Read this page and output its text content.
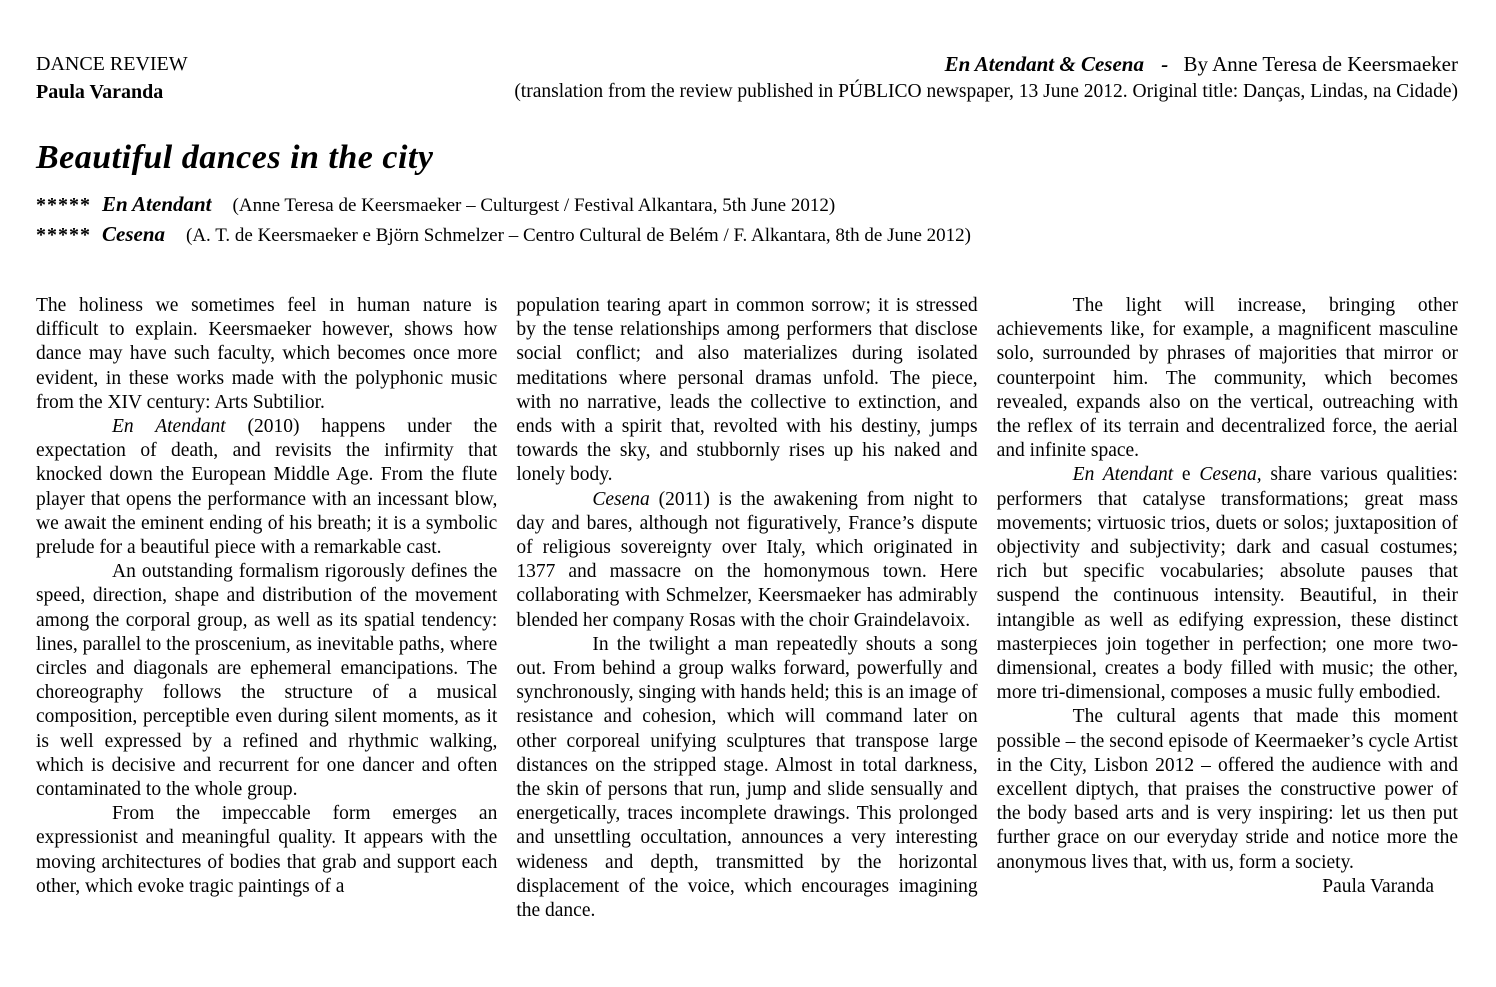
DANCE REVIEW
Paula Varanda
En Atendant & Cesena - By Anne Teresa de Keersmaeker
(translation from the review published in PÚBLICO newspaper, 13 June 2012. Original title: Danças, Lindas, na Cidade)
Beautiful dances in the city
***** En Atendant (Anne Teresa de Keersmaeker – Culturgest / Festival Alkantara, 5th June 2012)
***** Cesena (A. T. de Keersmaeker e Björn Schmelzer – Centro Cultural de Belém / F. Alkantara, 8th de June 2012)

The holiness we sometimes feel in human nature is difficult to explain. Keersmaeker however, shows how dance may have such faculty, which becomes once more evident, in these works made with the polyphonic music from the XIV century: Arts Subtilior.

En Atendant (2010) happens under the expectation of death, and revisits the infirmity that knocked down the European Middle Age. From the flute player that opens the performance with an incessant blow, we await the eminent ending of his breath; it is a symbolic prelude for a beautiful piece with a remarkable cast.

An outstanding formalism rigorously defines the speed, direction, shape and distribution of the movement among the corporal group, as well as its spatial tendency: lines, parallel to the proscenium, as inevitable paths, where circles and diagonals are ephemeral emancipations. The choreography follows the structure of a musical composition, perceptible even during silent moments, as it is well expressed by a refined and rhythmic walking, which is decisive and recurrent for one dancer and often contaminated to the whole group.

From the impeccable form emerges an expressionist and meaningful quality. It appears with the moving architectures of bodies that grab and support each other, which evoke tragic paintings of a

population tearing apart in common sorrow; it is stressed by the tense relationships among performers that disclose social conflict; and also materializes during isolated meditations where personal dramas unfold. The piece, with no narrative, leads the collective to extinction, and ends with a spirit that, revolted with his destiny, jumps towards the sky, and stubbornly rises up his naked and lonely body.

Cesena (2011) is the awakening from night to day and bares, although not figuratively, France’s dispute of religious sovereignty over Italy, which originated in 1377 and massacre on the homonymous town. Here collaborating with Schmelzer, Keersmaeker has admirably blended her company Rosas with the choir Graindelavoix.

In the twilight a man repeatedly shouts a song out. From behind a group walks forward, powerfully and synchronously, singing with hands held; this is an image of resistance and cohesion, which will command later on other corporeal unifying sculptures that transpose large distances on the stripped stage. Almost in total darkness, the skin of persons that run, jump and slide sensually and energetically, traces incomplete drawings. This prolonged and unsettling occultation, announces a very interesting wideness and depth, transmitted by the horizontal displacement of the voice, which encourages imagining the dance.

The light will increase, bringing other achievements like, for example, a magnificent masculine solo, surrounded by phrases of majorities that mirror or counterpoint him. The community, which becomes revealed, expands also on the vertical, outreaching with the reflex of its terrain and decentralized force, the aerial and infinite space.

En Atendant e Cesena, share various qualities: performers that catalyse transformations; great mass movements; virtuosic trios, duets or solos; juxtaposition of objectivity and subjectivity; dark and casual costumes; rich but specific vocabularies; absolute pauses that suspend the continuous intensity. Beautiful, in their intangible as well as edifying expression, these distinct masterpieces join together in perfection; one more two-dimensional, creates a body filled with music; the other, more tri-dimensional, composes a music fully embodied.

The cultural agents that made this moment possible – the second episode of Keermaeker’s cycle Artist in the City, Lisbon 2012 – offered the audience with and excellent diptych, that praises the constructive power of the body based arts and is very inspiring: let us then put further grace on our everyday stride and notice more the anonymous lives that, with us, form a society.

Paula Varanda
